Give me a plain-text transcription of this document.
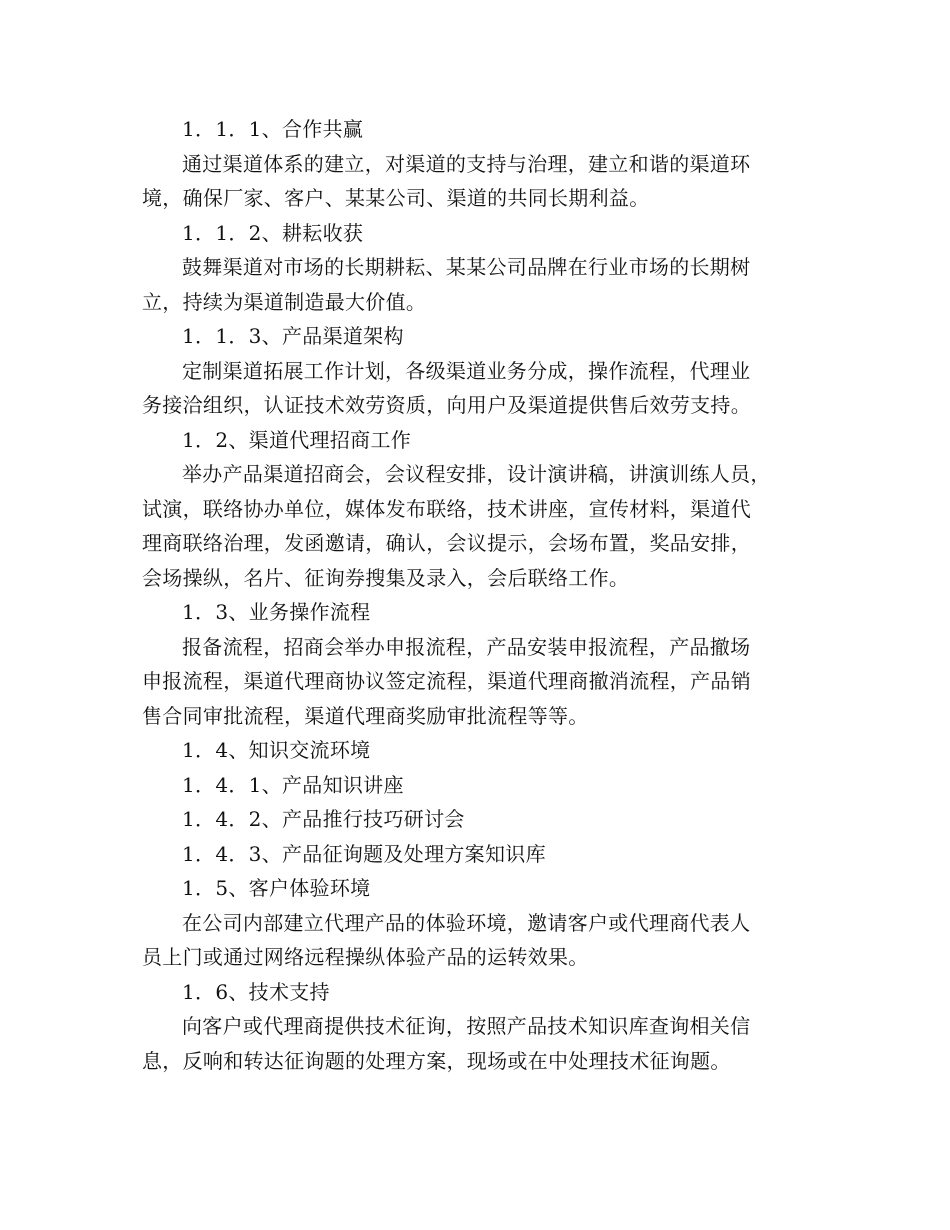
1．1．1、合作共赢
通过渠道体系的建立，对渠道的支持与治理，建立和谐的渠道环
境，确保厂家、客户、某某公司、渠道的共同长期利益。
1．1．2、耕耘收获
鼓舞渠道对市场的长期耕耘、某某公司品牌在行业市场的长期树
立，持续为渠道制造最大价值。
1．1．3、产品渠道架构
定制渠道拓展工作计划，各级渠道业务分成，操作流程，代理业
务接洽组织，认证技术效劳资质，向用户及渠道提供售后效劳支持。
1．2、渠道代理招商工作
举办产品渠道招商会，会议程安排，设计演讲稿，讲演训练人员，
试演，联络协办单位，媒体发布联络，技术讲座，宣传材料，渠道代
理商联络治理，发函邀请，确认，会议提示，会场布置，奖品安排，
会场操纵，名片、征询券搜集及录入，会后联络工作。
1．3、业务操作流程
报备流程，招商会举办申报流程，产品安装申报流程，产品撤场
申报流程，渠道代理商协议签定流程，渠道代理商撤消流程，产品销
售合同审批流程，渠道代理商奖励审批流程等等。
1．4、知识交流环境
1．4．1、产品知识讲座
1．4．2、产品推行技巧研讨会
1．4．3、产品征询题及处理方案知识库
1．5、客户体验环境
在公司内部建立代理产品的体验环境，邀请客户或代理商代表人
员上门或通过网络远程操纵体验产品的运转效果。
1．6、技术支持
向客户或代理商提供技术征询，按照产品技术知识库查询相关信
息，反响和转达征询题的处理方案，现场或在中处理技术征询题。
